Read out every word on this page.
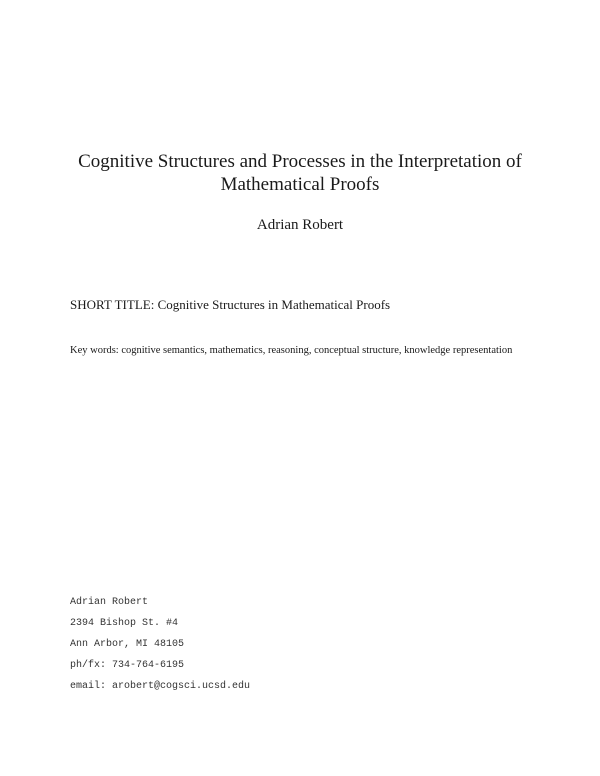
Cognitive Structures and Processes in the Interpretation of
Mathematical Proofs
Adrian Robert
SHORT TITLE: Cognitive Structures in Mathematical Proofs
Key words: cognitive semantics, mathematics, reasoning, conceptual structure, knowledge representation
Adrian Robert
2394 Bishop St. #4
Ann Arbor, MI 48105
ph/fx: 734-764-6195
email: arobert@cogsci.ucsd.edu
